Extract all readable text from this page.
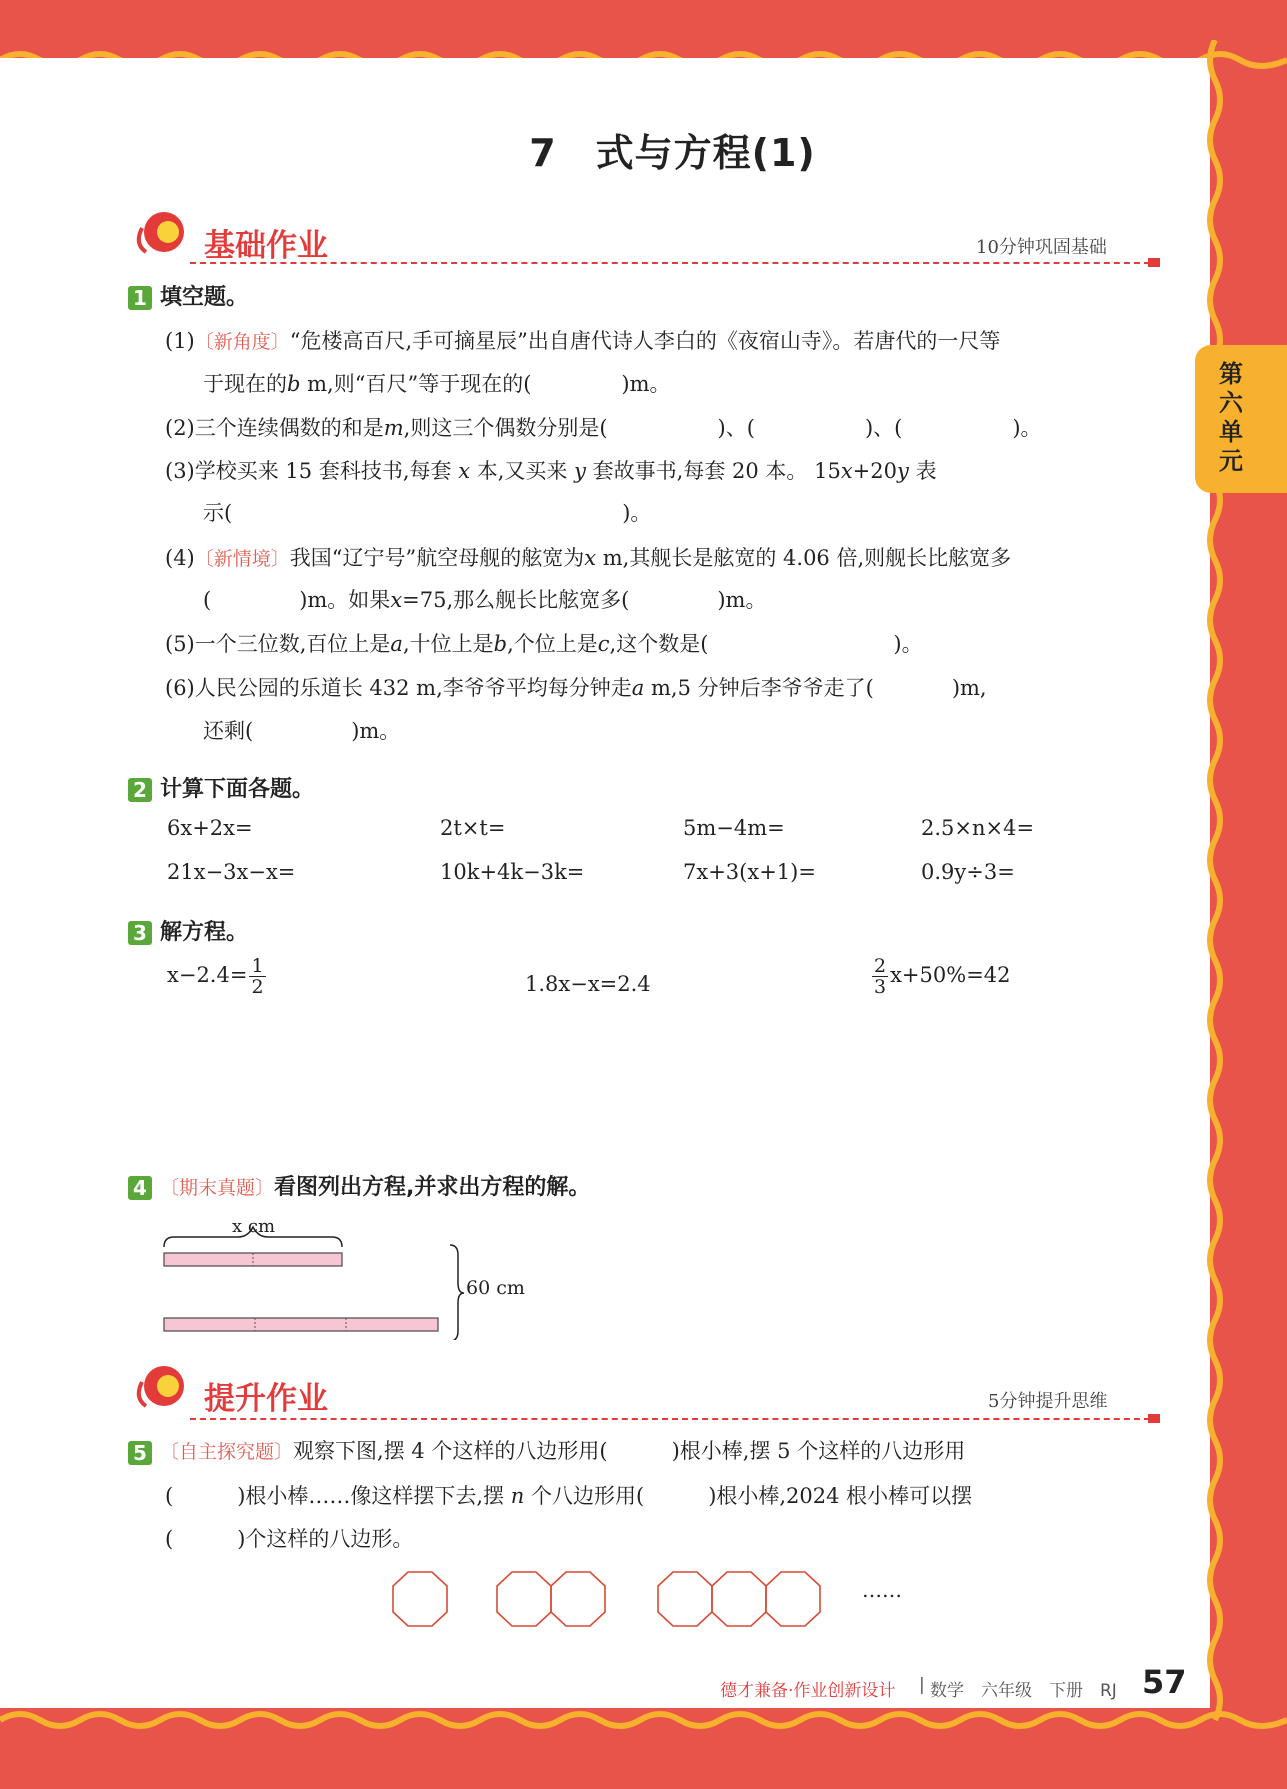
第六单元
7　式与方程(1)
基础作业	10分钟巩固基础
1 填空题。
(1)〔新角度〕“危楼高百尺,手可摘星辰”出自唐代诗人李白的《夜宿山寺》。若唐代的一尺等
于现在的b m,则“百尺”等于现在的(	)m。
(2)三个连续偶数的和是m,则这三个偶数分别是(	)、(	)、(	)。
(3)学校买来 15 套科技书,每套 x 本,又买来 y 套故事书,每套 20 本。 15x+20y 表
示(	)。
(4)〔新情境〕我国“辽宁号”航空母舰的舷宽为x m,其舰长是舷宽的 4.06 倍,则舰长比舷宽多
(	)m。如果x=75,那么舰长比舷宽多(	)m。
(5)一个三位数,百位上是a,十位上是b,个位上是c,这个数是(	)。
(6)人民公园的乐道长 432 m,李爷爷平均每分钟走a m,5 分钟后李爷爷走了(	)m,
还剩(	)m。
2 计算下面各题。
6x+2x=	2t×t=	5m−4m=	2.5×n×4=
21x−3x−x=	10k+4k−3k=	7x+3(x+1)=	0.9y÷3=
3 解方程。
$x-2.4= \frac{1}{2}$	1.8x−x=2.4	$\frac{2}{3} x+50\%=42$
4 〔期末真题〕看图列出方程,并求出方程的解。
x cm
60 cm
提升作业	5分钟提升思维
5 〔自主探究题〕观察下图,摆 4 个这样的八边形用(	)根小棒,摆 5 个这样的八边形用
(	)根小棒……像这样摆下去,摆 n 个八边形用(	)根小棒,2024 根小棒可以摆
(	)个这样的八边形。
……
德才兼备·作业创新设计 | 数学　六年级　下册　RJ 57
